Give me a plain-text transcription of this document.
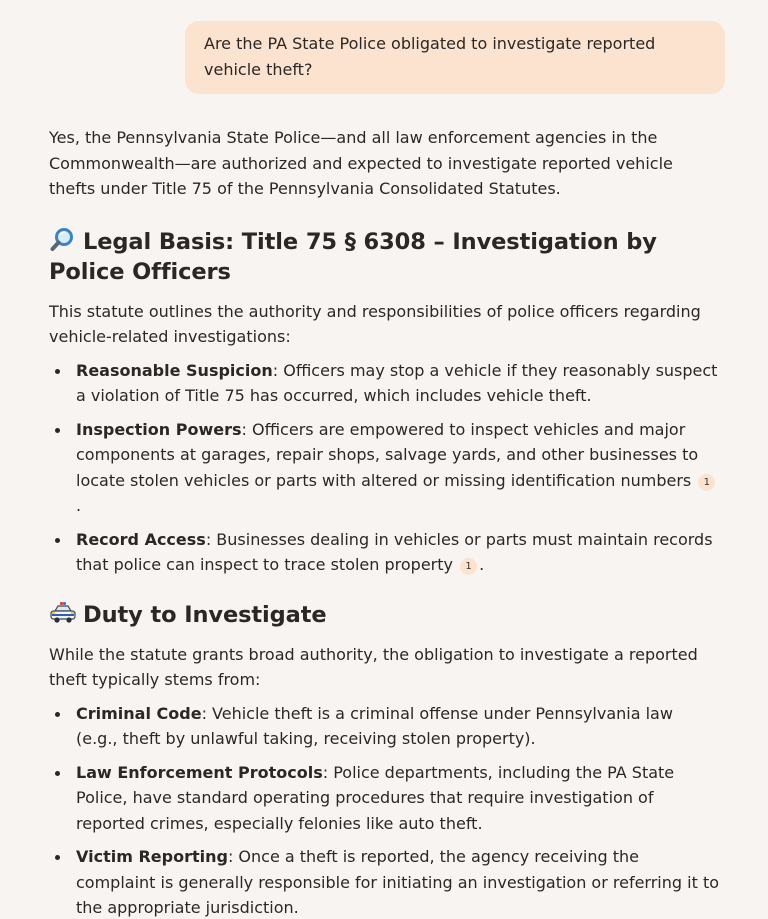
Are the PA State Police obligated to investigate reported vehicle theft?

Yes, the Pennsylvania State Police—and all law enforcement agencies in the Commonwealth—are authorized and expected to investigate reported vehicle thefts under Title 75 of the Pennsylvania Consolidated Statutes.

Legal Basis: Title 75 § 6308 – Investigation by Police Officers

This statute outlines the authority and responsibilities of police officers regarding vehicle-related investigations:

Reasonable Suspicion: Officers may stop a vehicle if they reasonably suspect a violation of Title 75 has occurred, which includes vehicle theft.
Inspection Powers: Officers are empowered to inspect vehicles and major components at garages, repair shops, salvage yards, and other businesses to locate stolen vehicles or parts with altered or missing identification numbers 1.
Record Access: Businesses dealing in vehicles or parts must maintain records that police can inspect to trace stolen property 1 .
Duty to Investigate

While the statute grants broad authority, the obligation to investigate a reported theft typically stems from:

Criminal Code: Vehicle theft is a criminal offense under Pennsylvania law (e.g., theft by unlawful taking, receiving stolen property).
Law Enforcement Protocols: Police departments, including the PA State Police, have standard operating procedures that require investigation of reported crimes, especially felonies like auto theft.
Victim Reporting: Once a theft is reported, the agency receiving the complaint is generally responsible for initiating an investigation or referring it to the appropriate jurisdiction.
